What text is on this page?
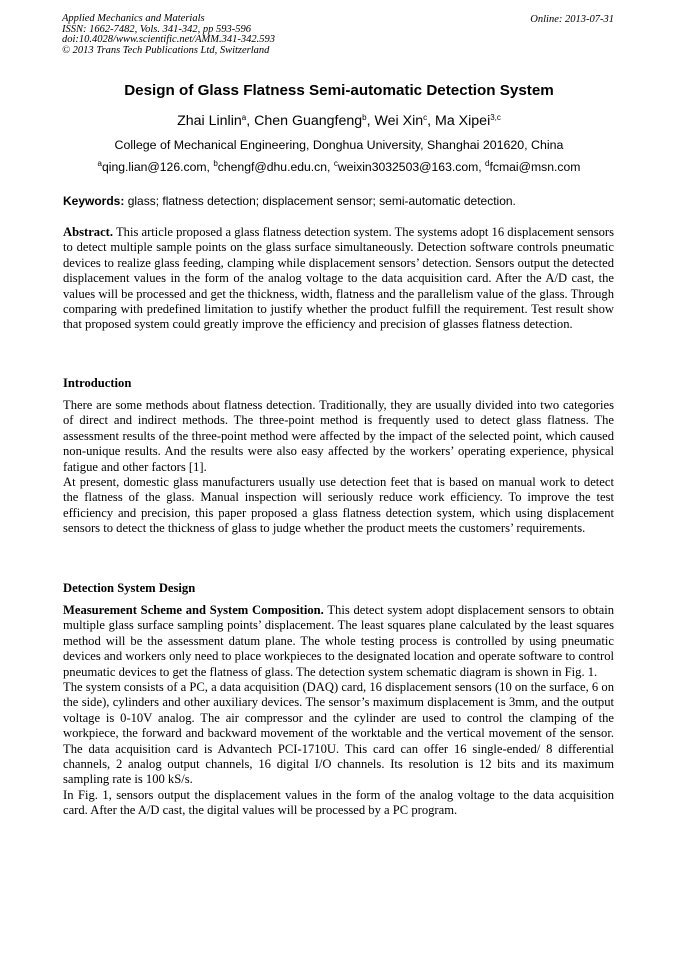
Applied Mechanics and Materials
ISSN: 1662-7482, Vols. 341-342, pp 593-596
doi:10.4028/www.scientific.net/AMM.341-342.593
© 2013 Trans Tech Publications Ltd, Switzerland
Online: 2013-07-31
Design of Glass Flatness Semi-automatic Detection System
Zhai Linlin$^a$, Chen Guangfeng$^b$, Wei Xin$^c$, Ma Xipei$^{3,c}$
College of Mechanical Engineering, Donghua University, Shanghai 201620, China
$^a$qing.lian@126.com, $^b$chengf@dhu.edu.cn, $^c$weixin3032503@163.com, $^d$fcmai@msn.com
Keywords: glass; flatness detection; displacement sensor; semi-automatic detection.

Abstract. This article proposed a glass flatness detection system. The systems adopt 16 displacement sensors to detect multiple sample points on the glass surface simultaneously. Detection software controls pneumatic devices to realize glass feeding, clamping while displacement sensors’ detection. Sensors output the detected displacement values in the form of the analog voltage to the data acquisition card. After the A/D cast, the values will be processed and get the thickness, width, flatness and the parallelism value of the glass. Through comparing with predefined limitation to justify whether the product fulfill the requirement. Test result show that proposed system could greatly improve the efficiency and precision of glasses flatness detection.

Introduction

There are some methods about flatness detection. Traditionally, they are usually divided into two categories of direct and indirect methods. The three-point method is frequently used to detect glass flatness. The assessment results of the three-point method were affected by the impact of the selected point, which caused non-unique results. And the results were also easy affected by the workers’ operating experience, physical fatigue and other factors [1].

At present, domestic glass manufacturers usually use detection feet that is based on manual work to detect the flatness of the glass. Manual inspection will seriously reduce work efficiency. To improve the test efficiency and precision, this paper proposed a glass flatness detection system, which using displacement sensors to detect the thickness of glass to judge whether the product meets the customers’ requirements.

Detection System Design

Measurement Scheme and System Composition. This detect system adopt displacement sensors to obtain multiple glass surface sampling points’ displacement. The least squares plane calculated by the least squares method will be the assessment datum plane. The whole testing process is controlled by using pneumatic devices and workers only need to place workpieces to the designated location and operate software to control pneumatic devices to get the flatness of glass. The detection system schematic diagram is shown in Fig. 1.

The system consists of a PC, a data acquisition (DAQ) card, 16 displacement sensors (10 on the surface, 6 on the side), cylinders and other auxiliary devices. The sensor’s maximum displacement is 3mm, and the output voltage is 0-10V analog. The air compressor and the cylinder are used to control the clamping of the workpiece, the forward and backward movement of the worktable and the vertical movement of the sensor. The data acquisition card is Advantech PCI-1710U. This card can offer 16 single-ended/ 8 differential channels, 2 analog output channels, 16 digital I/O channels. Its resolution is 12 bits and its maximum sampling rate is 100 kS/s.

In Fig. 1, sensors output the displacement values in the form of the analog voltage to the data acquisition card. After the A/D cast, the digital values will be processed by a PC program.
